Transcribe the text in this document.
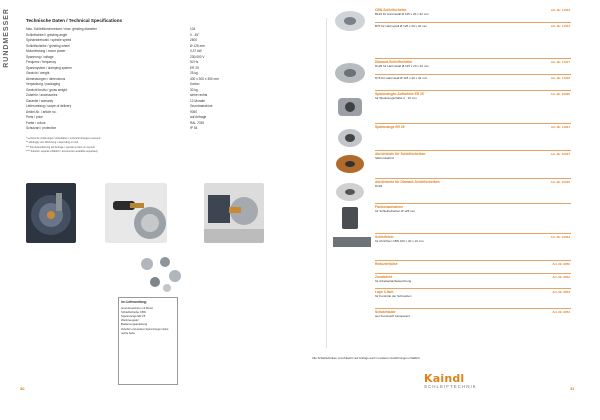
RUNDMESSER	Technische Daten / Technical Specifications
Max. Schleifdurchmesser / max. grinding diameter	104
Schleifwinkel / grinding angle	0 - 45°
Spindeldrehzahl / spindle speed	2500
Schleifscheibe / grinding wheel	Ø 125 mm
Motorleistung / motor power	0,37 kW
Spannung / voltage	230/400 V
Frequenz / frequency	50 Hz
Spannsystem / clamping system	ER 25
Gewicht / weight	25 kg
Abmessungen / dimensions	400 x 300 x 350 mm
Verpackung / packaging	Karton
Gewicht brutto / gross weight	30 kg
Zubehör / accessories	siehe rechts
Garantie / warranty	12 Monate
Lieferumfang / scope of delivery	Grundmaschine
Artikel-Nr. / article no.	9050
Preis / price	auf Anfrage
Farbe / colour	RAL 7035
Schutzart / protection	IP 54
* technische Änderungen vorbehalten / technical changes reserved
** abhängig vom Werkzeug / depending on tool
*** Sonderausführung auf Anfrage / special version on request
**** Zubehör separat erhältlich / accessories available separately
Im Lieferumfang:
Grundmaschine mit Motor
Schleifscheibe CBN
Spannzange ER 25
Werkzeugsatz
Bedienungsanleitung
Zubehör und weitere Spannzangen siehe rechte Seite
30
CBN-Schleifscheibe
B126 für Hartmetall Ø 125 x 20 x 32 mm
Art.-Nr. 11313
B76 für Hartmetall Ø 125 x 20 x 32 mm	Art.-Nr. 11314
Diamant-Schleifscheibe
D126 für Hartmetall Ø 125 x 20 x 32 mm
Art.-Nr. 11317
D76 für Hartmetall Ø 125 x 20 x 32 mm	Art.-Nr. 11318
Spannzangen-Aufnahme ER 25
für Werkzeugschäfte 2 - 16 mm
Art.-Nr. 10905
Spannzange ER 25	Art.-Nr. 11267
Abrichtstein für Schleifscheiben
Siliziumkarbid
Art.-Nr. 10037
Abrichtstein für Diamant-Schleifscheiben
D126
Art.-Nr. 10036
Flanschaufnahme
für Schleifscheiben Ø 125 mm
Schleifstein
für Abrichten CBN 100 x 20 x 10 mm
Art.-Nr. 10023
Reduzierhülse	Art.-Nr. 9050
Zusatzlicht
für Arbeitsplatzbeleuchtung
Art.-Nr. 9052
Lupe 3-fach
für Kontrolle der Schneiden
Art.-Nr. 9053
Schutzhaube
aus Kunststoff transparent
Art.-Nr. 9054
Alle Schleifscheiben und Zubehör auf Anfrage auch in anderen Ausführungen erhältlich.
Kaindl
SCHLEIFTECHNIK	31
